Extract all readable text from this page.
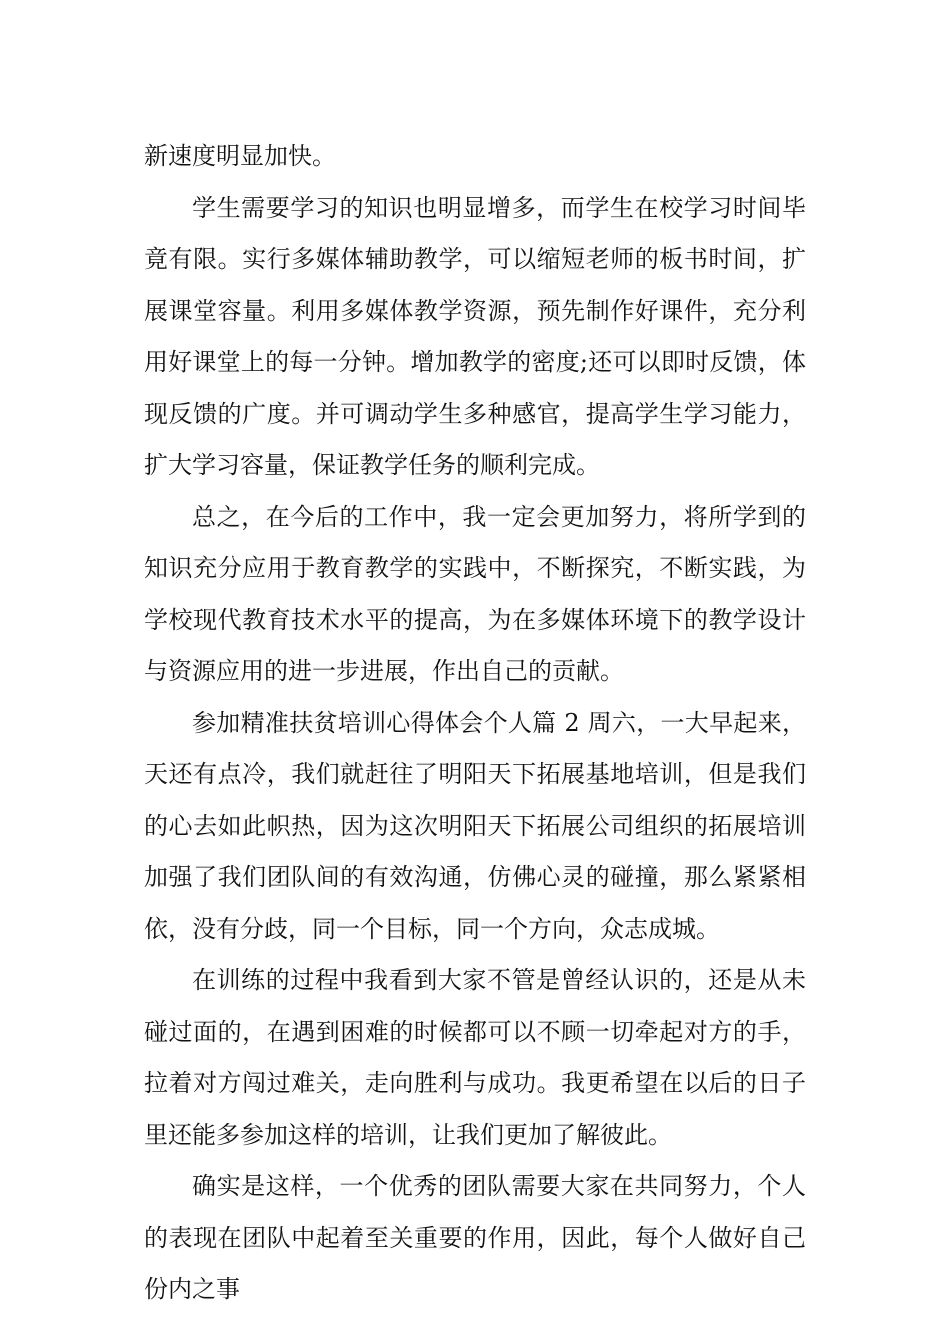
新速度明显加快。

学生需要学习的知识也明显增多，而学生在校学习时间毕竟有限。实行多媒体辅助教学，可以缩短老师的板书时间，扩展课堂容量。利用多媒体教学资源，预先制作好课件，充分利用好课堂上的每一分钟。增加教学的密度;还可以即时反馈，体现反馈的广度。并可调动学生多种感官，提高学生学习能力，扩大学习容量，保证教学任务的顺利完成。

总之，在今后的工作中，我一定会更加努力，将所学到的知识充分应用于教育教学的实践中，不断探究，不断实践，为学校现代教育技术水平的提高，为在多媒体环境下的教学设计与资源应用的进一步进展，作出自己的贡献。

参加精准扶贫培训心得体会个人篇 2 周六，一大早起来，天还有点冷，我们就赶往了明阳天下拓展基地培训，但是我们的心去如此帜热，因为这次明阳天下拓展公司组织的拓展培训加强了我们团队间的有效沟通，仿佛心灵的碰撞，那么紧紧相依，没有分歧，同一个目标，同一个方向，众志成城。

在训练的过程中我看到大家不管是曾经认识的，还是从未碰过面的，在遇到困难的时候都可以不顾一切牵起对方的手，拉着对方闯过难关，走向胜利与成功。我更希望在以后的日子里还能多参加这样的培训，让我们更加了解彼此。

确实是这样，一个优秀的团队需要大家在共同努力，个人的表现在团队中起着至关重要的作用，因此，每个人做好自己份内之事
